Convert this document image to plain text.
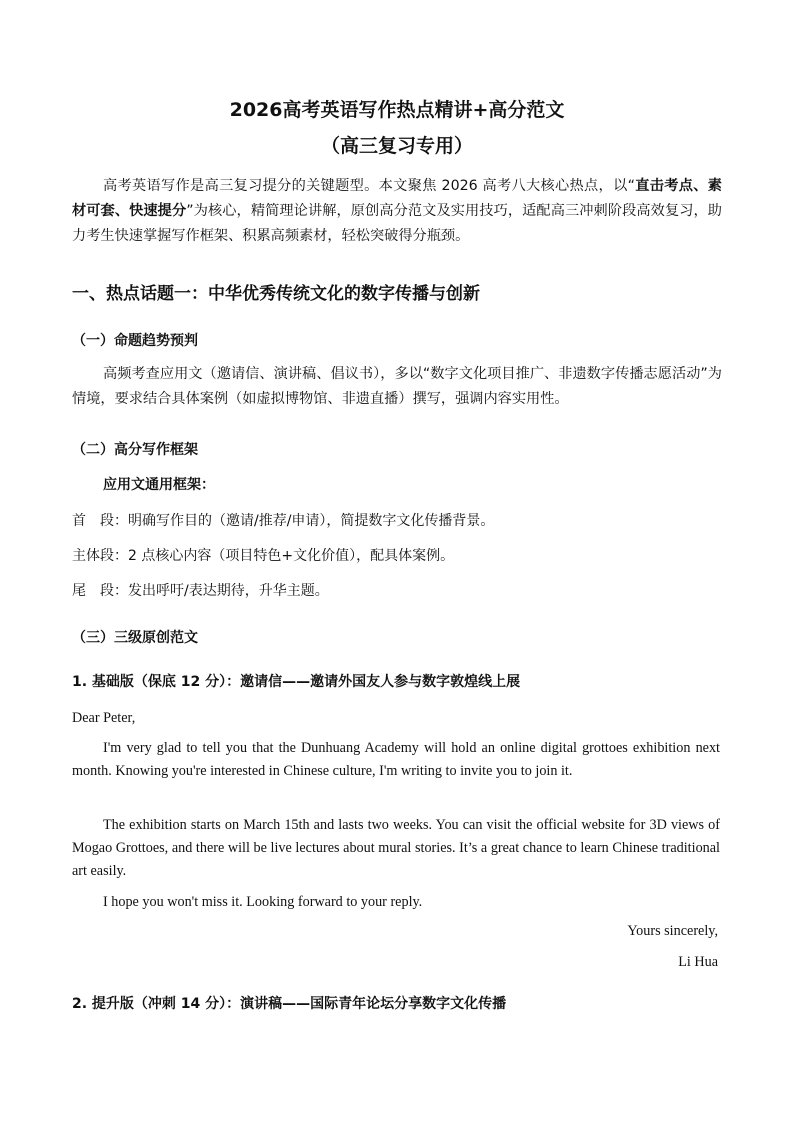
2026高考英语写作热点精讲+高分范文
（高三复习专用）
高考英语写作是高三复习提分的关键题型。本文聚焦 2026 高考八大核心热点，以“直击考点、素材可套、快速提分”为核心，精简理论讲解，原创高分范文及实用技巧，适配高三冲刺阶段高效复习，助力考生快速掌握写作框架、积累高频素材，轻松突破得分瓶颈。
一、热点话题一：中华优秀传统文化的数字传播与创新
（一）命题趋势预判
高频考查应用文（邀请信、演讲稿、倡议书），多以“数字文化项目推广、非遗数字传播志愿活动”为情境，要求结合具体案例（如虚拟博物馆、非遗直播）撰写，强调内容实用性。
（二）高分写作框架
应用文通用框架：
首　段：明确写作目的（邀请/推荐/申请），简提数字文化传播背景。
主体段：2 点核心内容（项目特色+文化价值），配具体案例。
尾　段：发出呼吁/表达期待，升华主题。
（三）三级原创范文
1. 基础版（保底 12 分）：邀请信——邀请外国友人参与数字敦煌线上展
Dear Peter,
I'm very glad to tell you that the Dunhuang Academy will hold an online digital grottoes exhibition next month. Knowing you're interested in Chinese culture, I'm writing to invite you to join it.
The exhibition starts on March 15th and lasts two weeks. You can visit the official website for 3D views of Mogao Grottoes, and there will be live lectures about mural stories. It’s a great chance to learn Chinese traditional art easily.
I hope you won't miss it. Looking forward to your reply.
Yours sincerely,
Li Hua
2. 提升版（冲刺 14 分）：演讲稿——国际青年论坛分享数字文化传播
